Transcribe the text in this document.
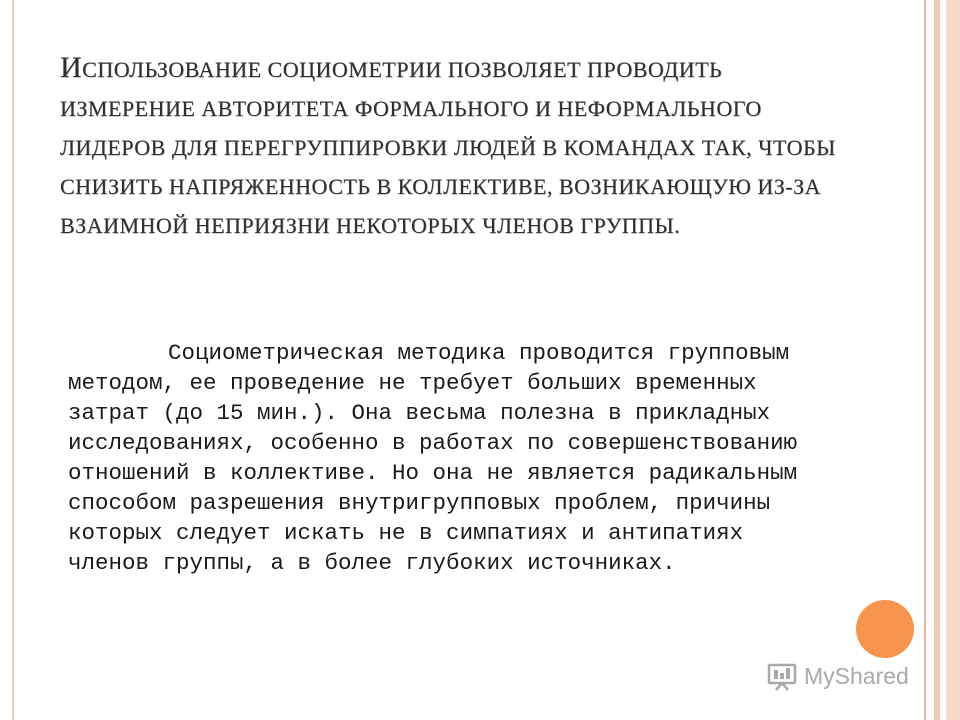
ИСПОЛЬЗОВАНИЕ СОЦИОМЕТРИИ ПОЗВОЛЯЕТ ПРОВОДИТЬ ИЗМЕРЕНИЕ АВТОРИТЕТА ФОРМАЛЬНОГО И НЕФОРМАЛЬНОГО ЛИДЕРОВ ДЛЯ ПЕРЕГРУППИРОВКИ ЛЮДЕЙ В КОМАНДАХ ТАК, ЧТОБЫ СНИЗИТЬ НАПРЯЖЕННОСТЬ В КОЛЛЕКТИВЕ, ВОЗНИКАЮЩУЮ ИЗ-ЗА ВЗАИМНОЙ НЕПРИЯЗНИ НЕКОТОРЫХ ЧЛЕНОВ ГРУППЫ.

Социометрическая методика проводится групповым методом, ее проведение не требует больших временных затрат (до 15 мин.). Она весьма полезна в прикладных исследованиях, особенно в работах по совершенствованию отношений в коллективе. Но она не является радикальным способом разрешения внутригрупповых проблем, причины которых следует искать не в симпатиях и антипатиях членов группы, а в более глубоких источниках.

MyShared
